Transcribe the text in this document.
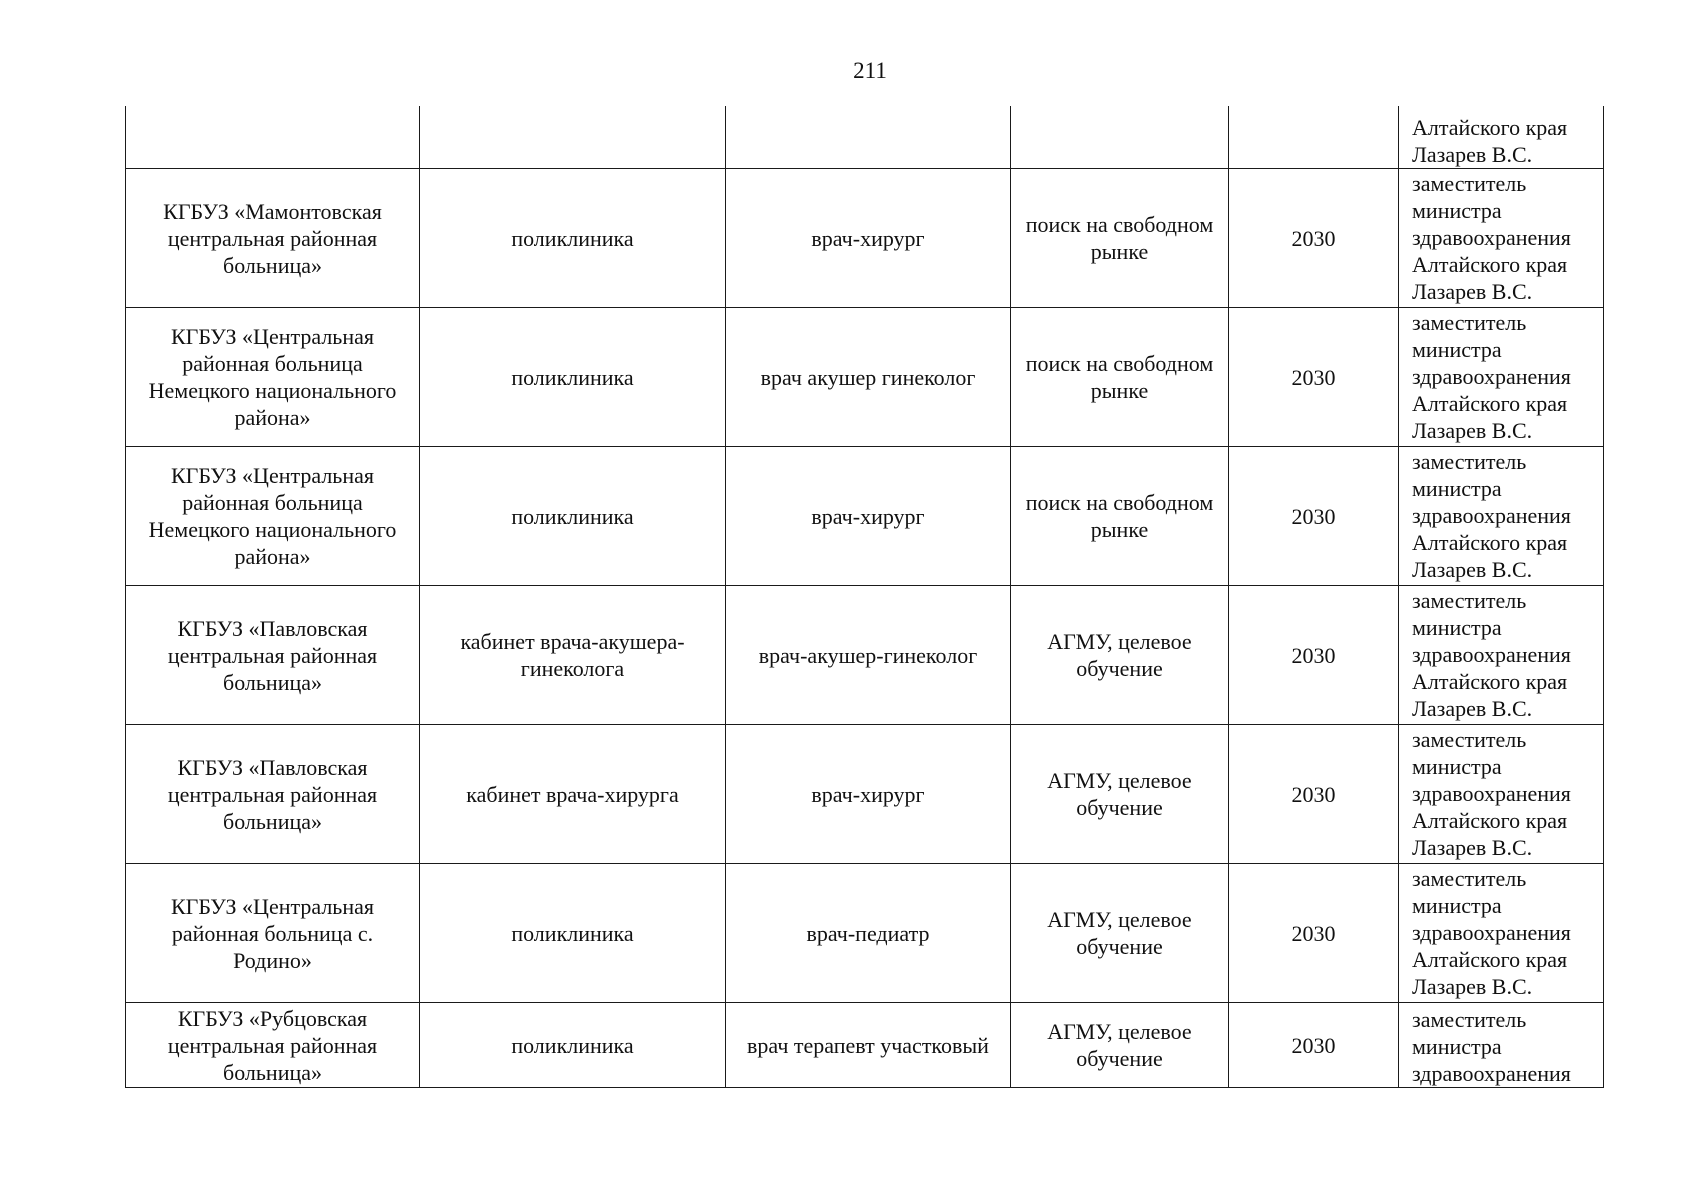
211

					Алтайского края
Лазарев В.С.

КГБУЗ «Мамонтовская центральная районная больница»	поликлиника	врач-хирург	поиск на свободном рынке	2030	заместитель
министра
здравоохранения
Алтайского края
Лазарев В.С.

КГБУЗ «Центральная районная больница Немецкого национального района»	поликлиника	врач акушер гинеколог	поиск на свободном рынке	2030	заместитель
министра
здравоохранения
Алтайского края
Лазарев В.С.

КГБУЗ «Центральная районная больница Немецкого национального района»	поликлиника	врач-хирург	поиск на свободном рынке	2030	заместитель
министра
здравоохранения
Алтайского края
Лазарев В.С.

КГБУЗ «Павловская центральная районная больница»	кабинет врача-акушера-гинеколога	врач-акушер-гинеколог	АГМУ, целевое обучение	2030	заместитель
министра
здравоохранения
Алтайского края
Лазарев В.С.

КГБУЗ «Павловская центральная районная больница»	кабинет врача-хирурга	врач-хирург	АГМУ, целевое обучение	2030	заместитель
министра
здравоохранения
Алтайского края
Лазарев В.С.

КГБУЗ «Центральная районная больница с. Родино»	поликлиника	врач-педиатр	АГМУ, целевое обучение	2030	заместитель
министра
здравоохранения
Алтайского края
Лазарев В.С.

КГБУЗ «Рубцовская центральная районная больница»	поликлиника	врач терапевт участковый	АГМУ, целевое обучение	2030	заместитель
министра
здравоохранения
